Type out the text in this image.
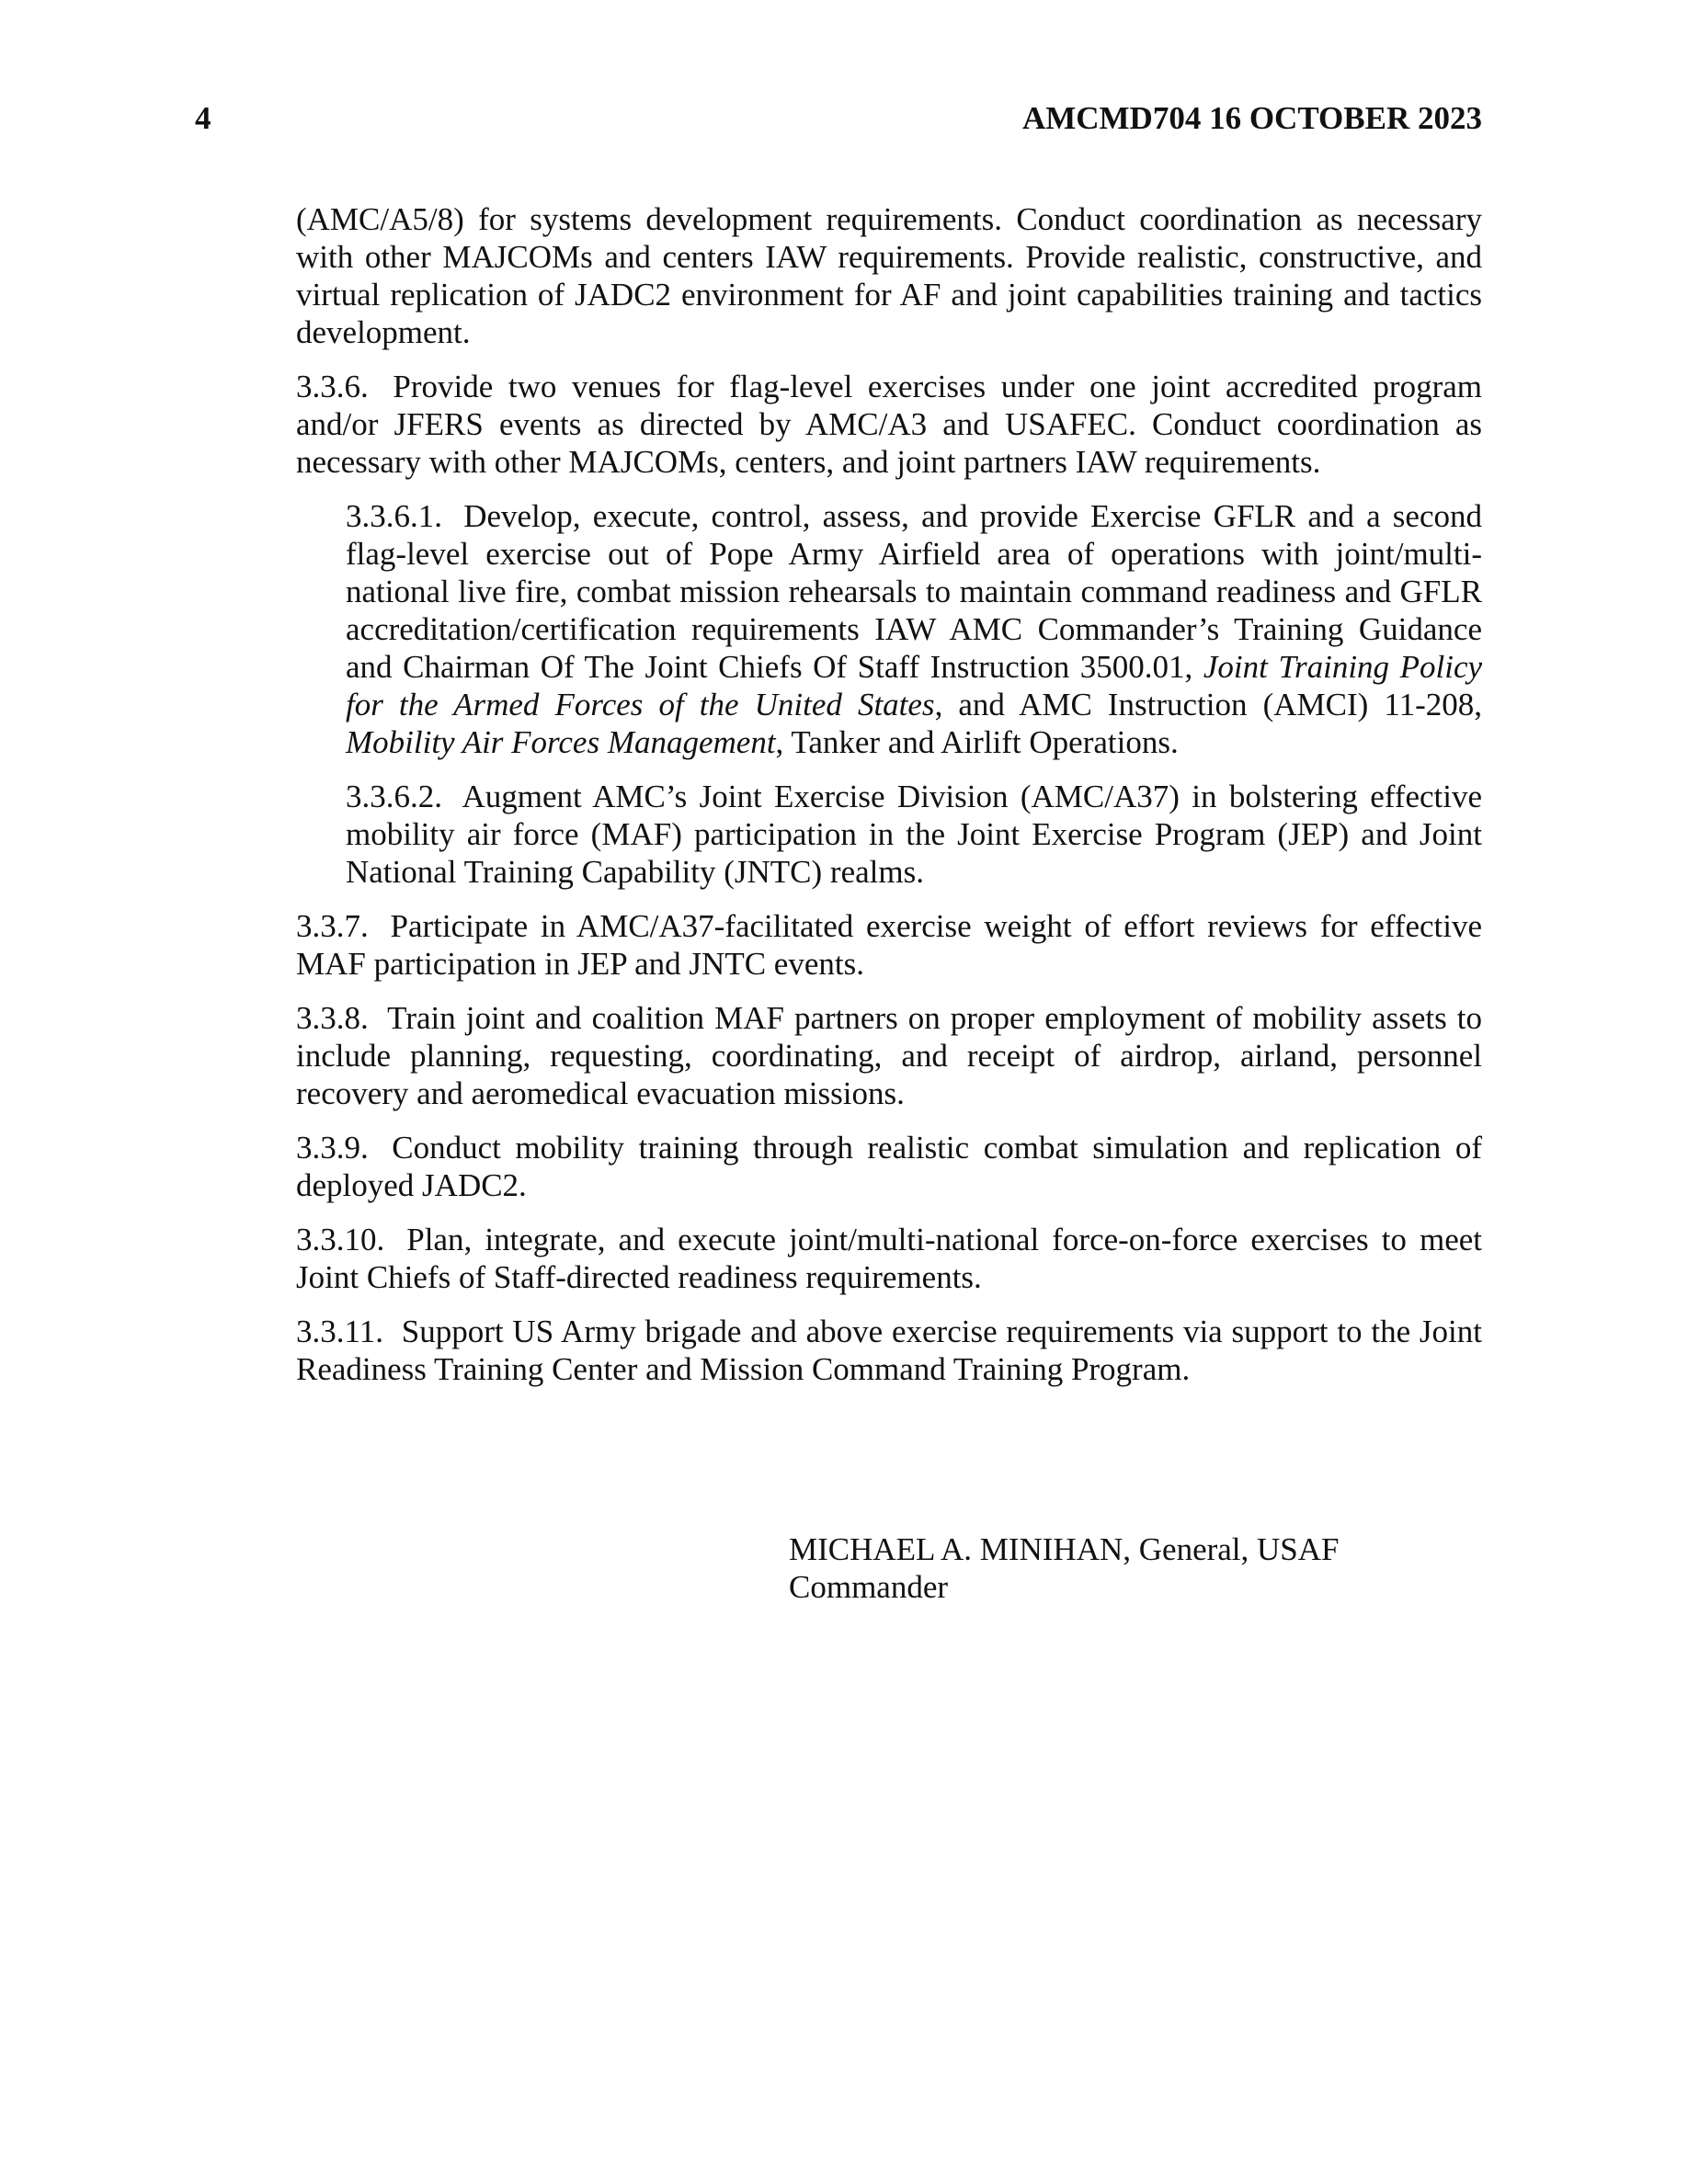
4	AMCMD704 16 OCTOBER 2023

(AMC/A5/8) for systems development requirements. Conduct coordination as necessary with other MAJCOMs and centers IAW requirements. Provide realistic, constructive, and virtual replication of JADC2 environment for AF and joint capabilities training and tactics development.

3.3.6. Provide two venues for flag-level exercises under one joint accredited program and/or JFERS events as directed by AMC/A3 and USAFEC. Conduct coordination as necessary with other MAJCOMs, centers, and joint partners IAW requirements.

3.3.6.1. Develop, execute, control, assess, and provide Exercise GFLR and a second flag-level exercise out of Pope Army Airfield area of operations with joint/multi-national live fire, combat mission rehearsals to maintain command readiness and GFLR accreditation/certification requirements IAW AMC Commander’s Training Guidance and Chairman Of The Joint Chiefs Of Staff Instruction 3500.01, Joint Training Policy for the Armed Forces of the United States, and AMC Instruction (AMCI) 11-208, Mobility Air Forces Management, Tanker and Airlift Operations.

3.3.6.2. Augment AMC’s Joint Exercise Division (AMC/A37) in bolstering effective mobility air force (MAF) participation in the Joint Exercise Program (JEP) and Joint National Training Capability (JNTC) realms.

3.3.7. Participate in AMC/A37-facilitated exercise weight of effort reviews for effective MAF participation in JEP and JNTC events.

3.3.8. Train joint and coalition MAF partners on proper employment of mobility assets to include planning, requesting, coordinating, and receipt of airdrop, airland, personnel recovery and aeromedical evacuation missions.

3.3.9. Conduct mobility training through realistic combat simulation and replication of deployed JADC2.

3.3.10. Plan, integrate, and execute joint/multi-national force-on-force exercises to meet Joint Chiefs of Staff-directed readiness requirements.

3.3.11. Support US Army brigade and above exercise requirements via support to the Joint Readiness Training Center and Mission Command Training Program.

MICHAEL A. MINIHAN, General, USAF
Commander
